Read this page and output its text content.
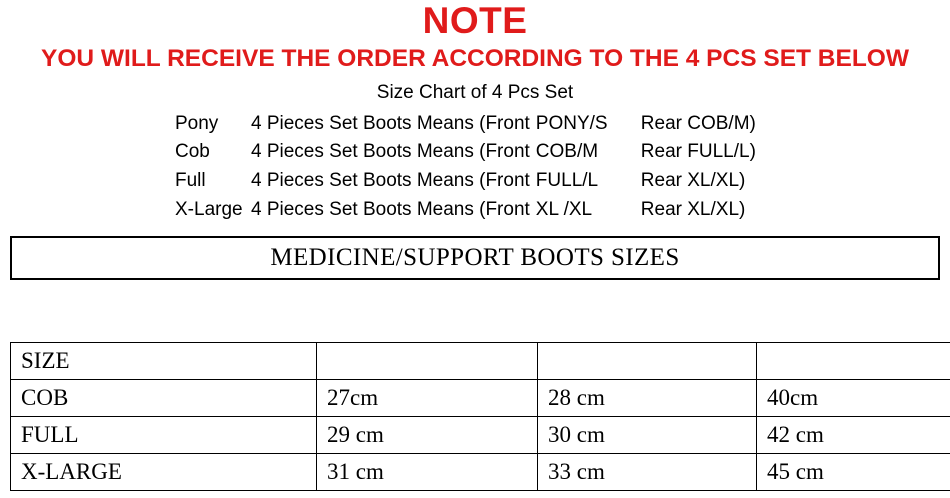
NOTE
YOU WILL RECEIVE THE ORDER ACCORDING TO THE 4 PCS SET BELOW
Size Chart of 4 Pcs Set
Pony	4 Pieces Set Boots Means (Front PONY/S	Rear COB/M)
Cob	4 Pieces Set Boots Means (Front COB/M	Rear FULL/L)
Full	4 Pieces Set Boots Means (Front FULL/L	Rear XL/XL)
X-Large 4 Pieces Set Boots Means (Front XL /XL	Rear XL/XL)
MEDICINE/SUPPORT BOOTS SIZES
SIZE			
COB	27cm	28 cm	40cm
FULL	29 cm	30 cm	42 cm
X-LARGE	31 cm	33 cm	45 cm
